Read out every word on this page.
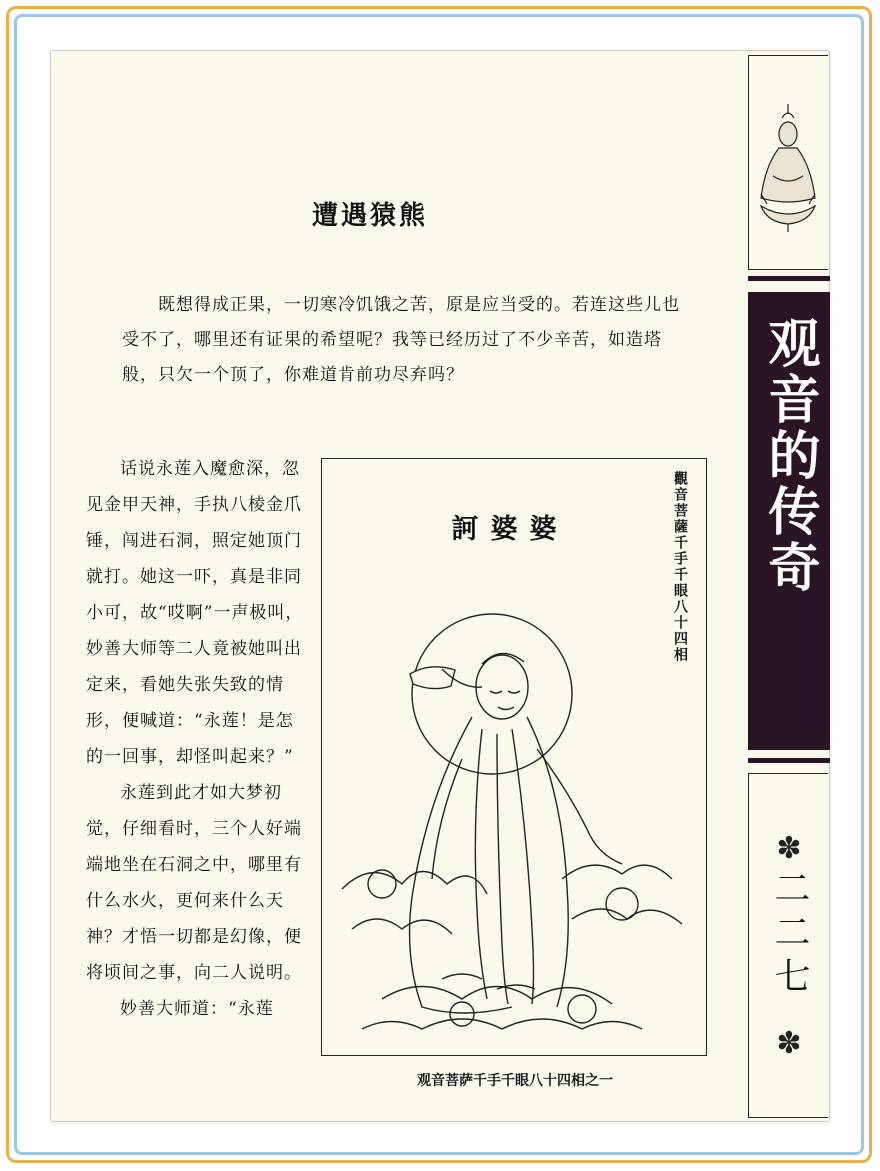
遭遇猿熊

既想得成正果，一切寒冷饥饿之苦，原是应当受的。若连这些儿也受不了，哪里还有证果的希望呢？我等已经历过了不少辛苦，如造塔般，只欠一个顶了，你难道肯前功尽弃吗？

话说永莲入魔愈深，忽见金甲天神，手执八棱金爪锤，闯进石洞，照定她顶门就打。她这一吓，真是非同小可，故“哎啊”一声极叫，妙善大师等二人竟被她叫出定来，看她失张失致的情形，便喊道：“永莲！是怎的一回事，却怪叫起来？”

永莲到此才如大梦初觉，仔细看时，三个人好端端地坐在石洞之中，哪里有什么水火，更何来什么天神？才悟一切都是幻像，便将顷间之事，向二人说明。

妙善大师道：“永莲

訶婆婆	觀音菩薩千手千眼八十四相
观音菩萨千手千眼八十四相之一
观音的传奇
✽
二二七
✽
